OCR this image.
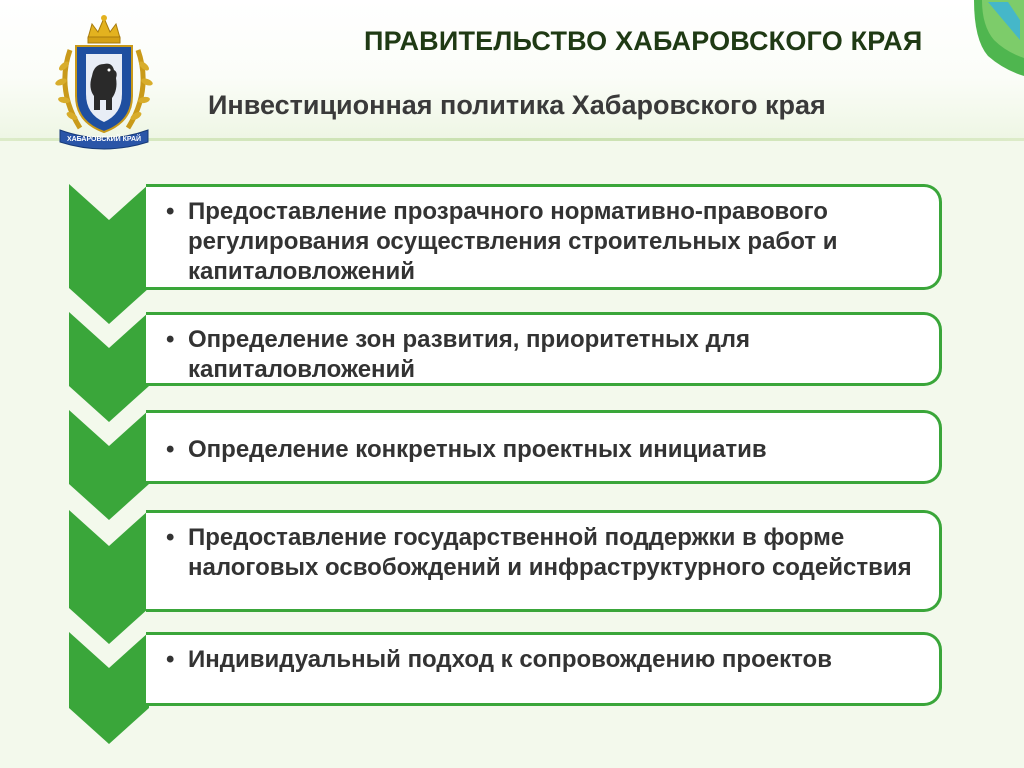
ХАБАРОВСКИЙ КРАЙ
ПРАВИТЕЛЬСТВО ХАБАРОВСКОГО КРАЯ
Инвестиционная политика Хабаровского края
• Предоставление прозрачного нормативно-правового регулирования осуществления строительных работ и капиталовложений
• Определение зон развития, приоритетных для капиталовложений
• Определение конкретных проектных инициатив
• Предоставление государственной поддержки в форме налоговых освобождений и инфраструктурного содействия
• Индивидуальный подход к сопровождению проектов
